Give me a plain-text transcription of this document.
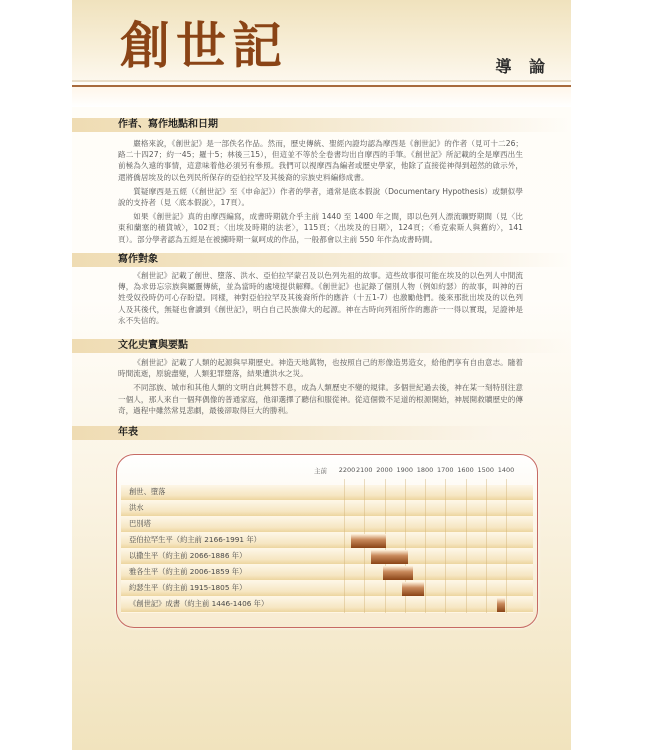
創世記	導 論
作者、寫作地點和日期

嚴格來說，《創世記》是一部佚名作品。然而，歷史傳統、聖經內證均認為摩西是《創世記》的作者（見可十二26；路二十四27；約一45；羅十5；林後三15），但這並不等於全卷書均出自摩西的手筆。《創世記》所記載的全是摩西出生前極為久遠的事情，這意味着他必須另有參照。我們可以視摩西為編者或歷史學家，他除了直接從神得到超然的啟示外，還將僑居埃及的以色列民所保存的亞伯拉罕及其後裔的宗族史料編修成書。

質疑摩西是五經（《創世記》至《申命記》）作者的學者，通常是底本假說（Documentary Hypothesis）或類似學說的支持者（見〈底本假說〉，17頁）。

如果《創世記》真的由摩西編寫，成書時期就介乎主前 1440 至 1400 年之間，即以色列人漂流曠野期間（見〈比東和蘭塞的積貨城〉，102頁；〈出埃及時期的法老〉，115頁；〈出埃及的日期〉，124頁；〈希克索斯人與舊約〉，141頁）。部分學者認為五經是在被擄時期一氣呵成的作品，一般都會以主前 550 年作為成書時間。

寫作對象

《創世記》記載了創世、墮落、洪水、亞伯拉罕蒙召及以色列先祖的故事。這些故事很可能在埃及的以色列人中間流傳，為求毋忘宗族與屬靈傳統，並為當時的處境提供解釋。《創世記》也記錄了個別人物（例如約瑟）的故事，叫神的百姓受奴役時仍可心存盼望。同樣，神對亞伯拉罕及其後裔所作的應許（十五1-7）也激勵他們。後來那批出埃及的以色列人及其後代，無疑也會讀到《創世記》，明白自己民族偉大的起源。神在古時向列祖所作的應許一一得以實現，足證神是永不失信的。

文化史實與要點

《創世記》記載了人類的起源與早期歷史。神造天地萬物，也按照自己的形像造男造女，給他們享有自由意志。隨着時間流逝，原貌盡變，人類犯罪墮落，結果遭洪水之災。

不同部族、城市和其他人類的文明自此興替不息，成為人類歷史不變的規律。多個世紀過去後，神在某一刻特別注意一個人，那人來自一個拜偶像的普通家庭，他卻選擇了聽信和服從神。從這個微不足道的根源開始，神展開救贖歷史的傳奇，過程中雖然常見悲劇，最後卻取得巨大的勝利。

年表
主前 2200 2100 2000 1900 1800 1700 1600 1500 1400
創世、墮落
洪水
巴別塔
亞伯拉罕生平（約主前 2166-1991 年）
以撒生平（約主前 2066-1886 年）
雅各生平（約主前 2006-1859 年）
約瑟生平（約主前 1915-1805 年）
《創世記》成書（約主前 1446-1406 年）
